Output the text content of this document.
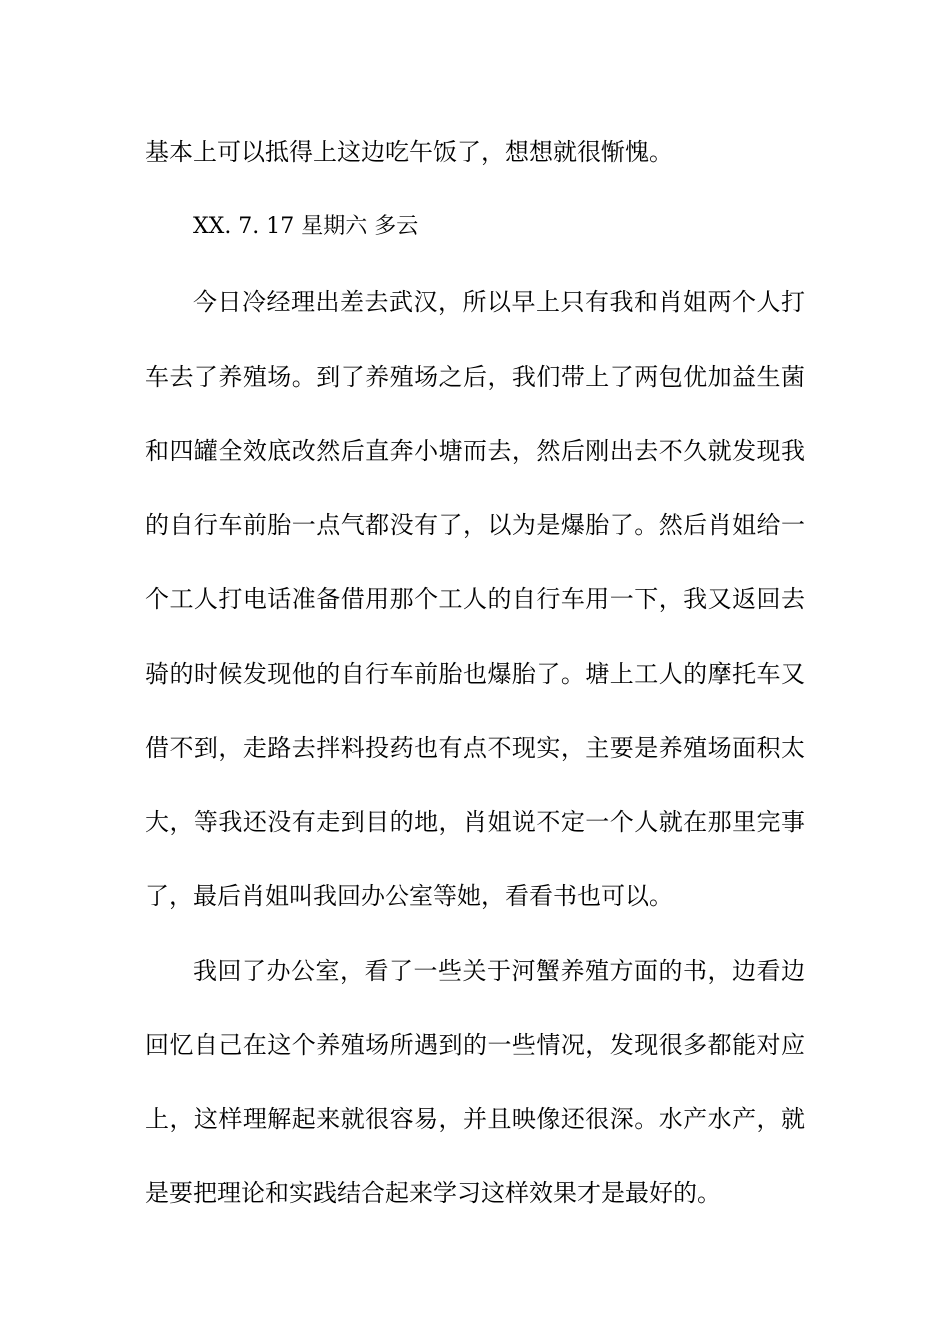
基本上可以抵得上这边吃午饭了，想想就很惭愧。
XX. 7. 17 星期六 多云
今日冷经理出差去武汉，所以早上只有我和肖姐两个人打
车去了养殖场。到了养殖场之后，我们带上了两包优加益生菌
和四罐全效底改然后直奔小塘而去，然后刚出去不久就发现我
的自行车前胎一点气都没有了，以为是爆胎了。然后肖姐给一
个工人打电话准备借用那个工人的自行车用一下，我又返回去
骑的时候发现他的自行车前胎也爆胎了。塘上工人的摩托车又
借不到，走路去拌料投药也有点不现实，主要是养殖场面积太
大，等我还没有走到目的地，肖姐说不定一个人就在那里完事
了，最后肖姐叫我回办公室等她，看看书也可以。
我回了办公室，看了一些关于河蟹养殖方面的书，边看边
回忆自己在这个养殖场所遇到的一些情况，发现很多都能对应
上，这样理解起来就很容易，并且映像还很深。水产水产，就
是要把理论和实践结合起来学习这样效果才是最好的。
